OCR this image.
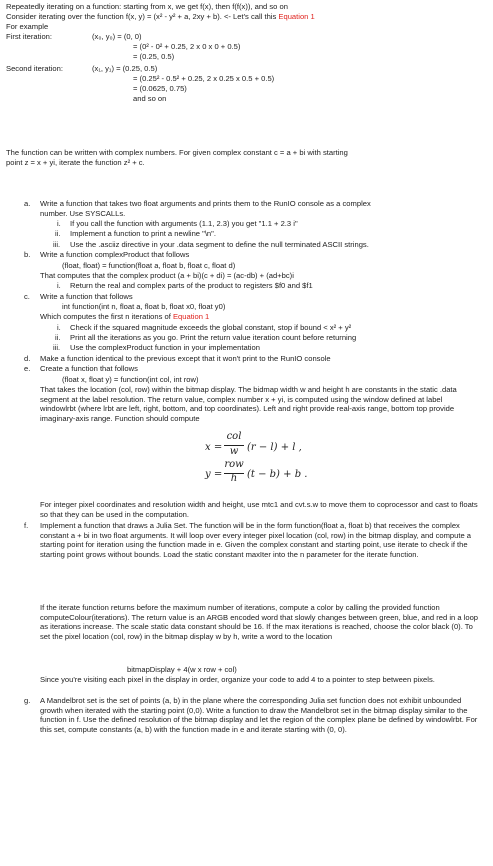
Repeatedly iterating on a function: starting from x, we get f(x), then f(f(x)), and so on
Consider iterating over the function f(x, y) = (x² - y² + a, 2xy + b). <- Let's call this Equation 1
For example
First iteration:	(x₀, y₀) = (0, 0)
= (0² - 0² + 0.25, 2 x 0 x 0 + 0.5)
= (0.25, 0.5)
Second iteration:	(x₁, y₁) = (0.25, 0.5)
= (0.25² - 0.5² + 0.25, 2 x 0.25 x 0.5 + 0.5)
= (0.0625, 0.75)
and so on
The function can be written with complex numbers. For given complex constant c = a + bi with starting
point z = x + yi, iterate the function z² + c.
a. Write a function that takes two float arguments and prints them to the RunIO console as a complex
number. Use SYSCALLs.
i. If you call the function with arguments (1.1, 2.3) you get "1.1 + 2.3 i"
ii. Implement a function to print a newline "\n".
iii. Use the .asciiz directive in your .data segment to define the null terminated ASCII strings.
b. Write a function complexProduct that follows
(float, float) = function(float a, float b, float c, float d)
That computes that the complex product (a + bi)(c + di) = (ac-db) + (ad+bc)i
i. Return the real and complex parts of the product to registers $f0 and $f1
c. Write a function that follows
int function(int n, float a, float b, float x0, float y0)
Which computes the first n iterations of Equation 1
i. Check if the squared magnitude exceeds the global constant, stop if bound < x² + y²
ii. Print all the iterations as you go. Print the return value iteration count before returning
iii. Use the complexProduct function in your implementation
d. Make a function identical to the previous except that it won't print to the RunIO console
e. Create a function that follows
(float x, float y) = function(int col, int row)
That takes the location (col, row) within the bitmap display. The bidmap width w and height h are constants in the static .data segment at the label resolution. The return value, complex number x + yi, is computed using the window defined at label windowlrbt (where lrbt are left, right, bottom, and top coordinates). Left and right provide real-axis range, bottom top provide imaginary-axis range. Function should compute
x =
col
w (r − l) + l ,
y =
row
h (t − b) + b .
For integer pixel coordinates and resolution width and height, use mtc1 and cvt.s.w to move them to coprocessor and cast to floats so that they can be used in the computation.
f. Implement a function that draws a Julia Set. The function will be in the form function(float a, float b) that receives the complex constant a + bi in two float arguments. It will loop over every integer pixel location (col, row) in the bitmap display, and compute a starting point for iteration using the function made in e. Given the complex constant and starting point, use iterate to check if the starting point grows without bounds. Load the static constant maxIter into the n parameter for the iterate function.
If the iterate function returns before the maximum number of iterations, compute a color by calling the provided function computeColour(iterations). The return value is an ARGB encoded word that slowly changes between green, blue, and red in a loop as iterations increase. The scale static data constant should be 16. If the max iterations is reached, choose the color black (0). To set the pixel location (col, row) in the bitmap display w by h, write a word to the location
bitmapDisplay + 4(w x row + col)
Since you're visiting each pixel in the display in order, organize your code to add 4 to a pointer to step between pixels.
g. A Mandelbrot set is the set of points (a, b) in the plane where the corresponding Julia set function does not exhibit unbounded growth when iterated with the starting point (0,0). Write a function to draw the Mandelbrot set in the bitmap display similar to the function in f. Use the defined resolution of the bitmap display and let the region of the complex plane be defined by windowlrbt. For this set, compute constants (a, b) with the function made in e and iterate starting with (0, 0).
